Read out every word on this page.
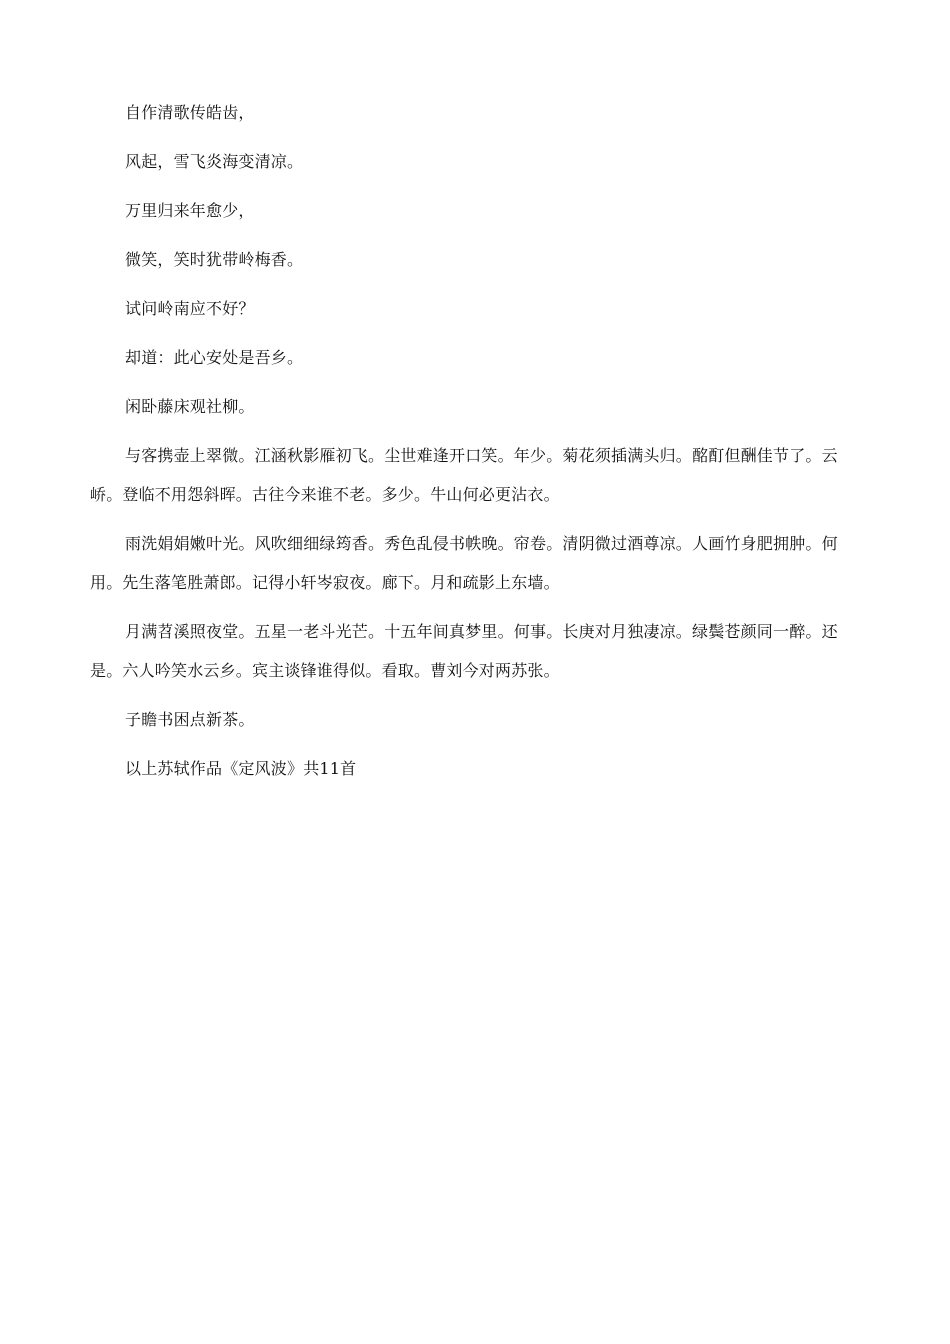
自作清歌传皓齿，

风起，雪飞炎海变清凉。

万里归来年愈少，

微笑，笑时犹带岭梅香。

试问岭南应不好？

却道：此心安处是吾乡。

闲卧藤床观社柳。

与客携壶上翠微。江涵秋影雁初飞。尘世难逢开口笑。年少。菊花须插满头归。酩酊但酬佳节了。云峤。登临不用怨斜晖。古往今来谁不老。多少。牛山何必更沾衣。

雨洗娟娟嫩叶光。风吹细细绿筠香。秀色乱侵书帙晚。帘卷。清阴微过酒尊凉。人画竹身肥拥肿。何用。先生落笔胜萧郎。记得小轩岑寂夜。廊下。月和疏影上东墙。

月满苕溪照夜堂。五星一老斗光芒。十五年间真梦里。何事。长庚对月独凄凉。绿鬓苍颜同一醉。还是。六人吟笑水云乡。宾主谈锋谁得似。看取。曹刘今对两苏张。

子瞻书困点新茶。

以上苏轼作品《定风波》共11首
